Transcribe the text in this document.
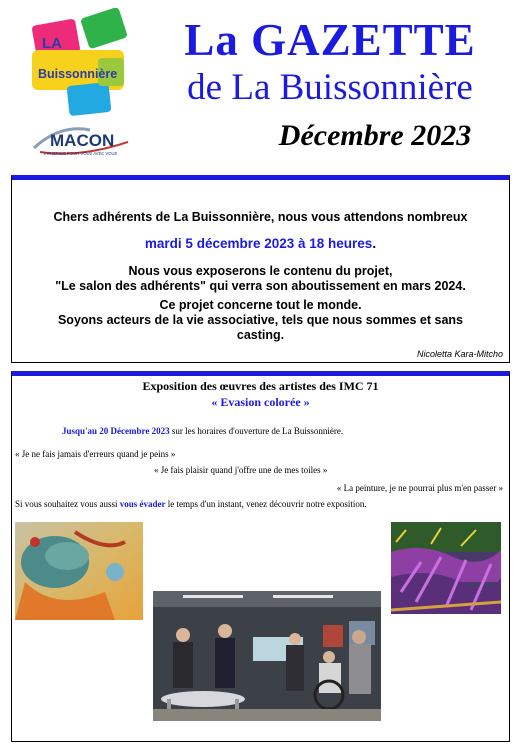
LA
Buissonnière
MACON
L'ÉNERGIE POUR VOUS AVEC VOUS
La GAZETTE
de La Buissonnière
Décembre 2023

Chers adhérents de La Buissonnière, nous vous attendons nombreux

mardi 5 décembre 2023 à 18 heures.

Nous vous exposerons le contenu du projet,
"Le salon des adhérents" qui verra son aboutissement en mars 2024.

Ce projet concerne tout le monde.
Soyons acteurs de la vie associative, tels que nous sommes et sans
casting.

Nicoletta Kara-Mitcho
Exposition des œuvres des artistes des IMC 71
« Evasion colorée »
Jusqu'au 20 Décembre 2023 sur les horaires d'ouverture de La Buissonnière.
« Je ne fais jamais d'erreurs quand je peins »
« Je fais plaisir quand j'offre une de mes toiles »
« La peinture, je ne pourrai plus m'en passer »
Si vous souhaitez vous aussi vous évader le temps d'un instant, venez découvrir notre exposition.
